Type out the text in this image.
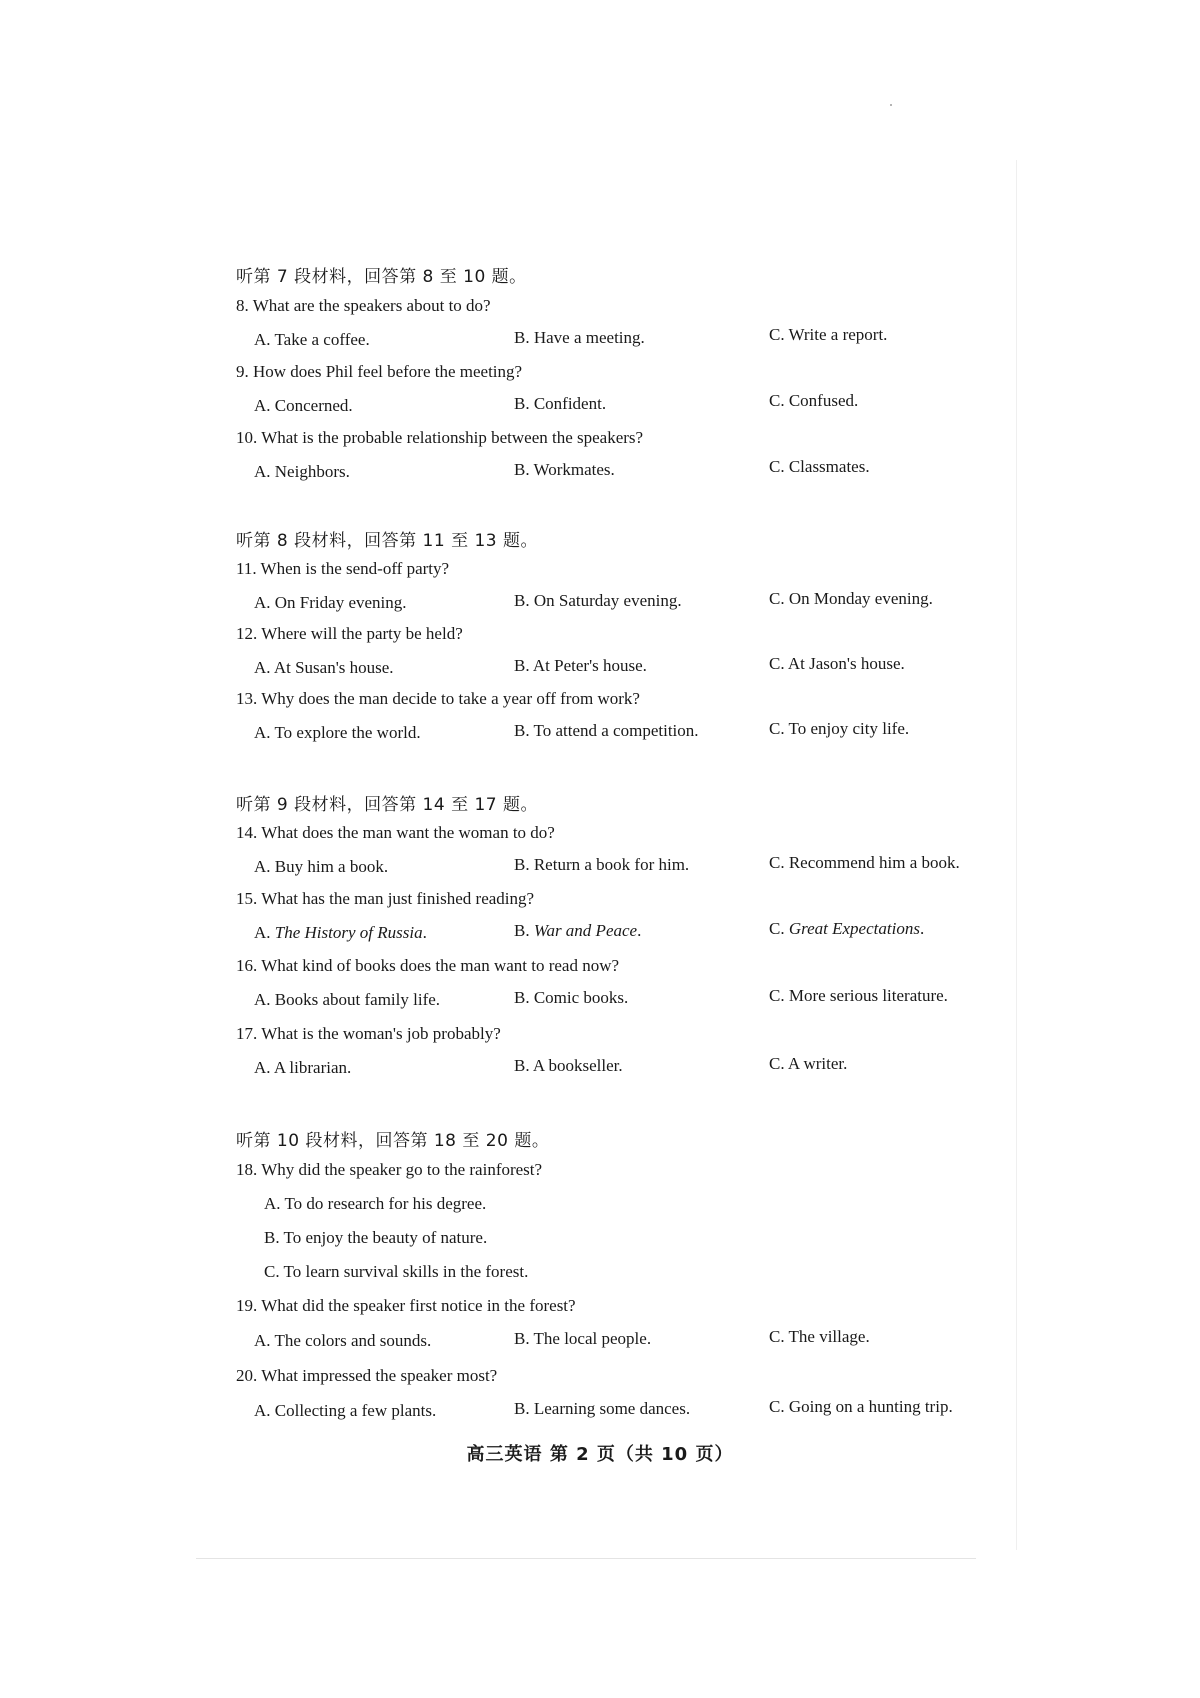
听第 7 段材料，回答第 8 至 10 题。
8. What are the speakers about to do?
A. Take a coffee.	B. Have a meeting.	C. Write a report.
9. How does Phil feel before the meeting?
A. Concerned.	B. Confident.	C. Confused.
10. What is the probable relationship between the speakers?
A. Neighbors.	B. Workmates.	C. Classmates.
听第 8 段材料，回答第 11 至 13 题。
11. When is the send-off party?
A. On Friday evening.	B. On Saturday evening.	C. On Monday evening.
12. Where will the party be held?
A. At Susan's house.	B. At Peter's house.	C. At Jason's house.
13. Why does the man decide to take a year off from work?
A. To explore the world.	B. To attend a competition.	C. To enjoy city life.
听第 9 段材料，回答第 14 至 17 题。
14. What does the man want the woman to do?
A. Buy him a book.	B. Return a book for him.	C. Recommend him a book.
15. What has the man just finished reading?
A. The History of Russia.	B. War and Peace.	C. Great Expectations.
16. What kind of books does the man want to read now?
A. Books about family life.	B. Comic books.	C. More serious literature.
17. What is the woman's job probably?
A. A librarian.	B. A bookseller.	C. A writer.
听第 10 段材料，回答第 18 至 20 题。
18. Why did the speaker go to the rainforest?
A. To do research for his degree.
B. To enjoy the beauty of nature.
C. To learn survival skills in the forest.
19. What did the speaker first notice in the forest?
A. The colors and sounds.	B. The local people.	C. The village.
20. What impressed the speaker most?
A. Collecting a few plants.	B. Learning some dances.	C. Going on a hunting trip.
高三英语 第 2 页（共 10 页）
